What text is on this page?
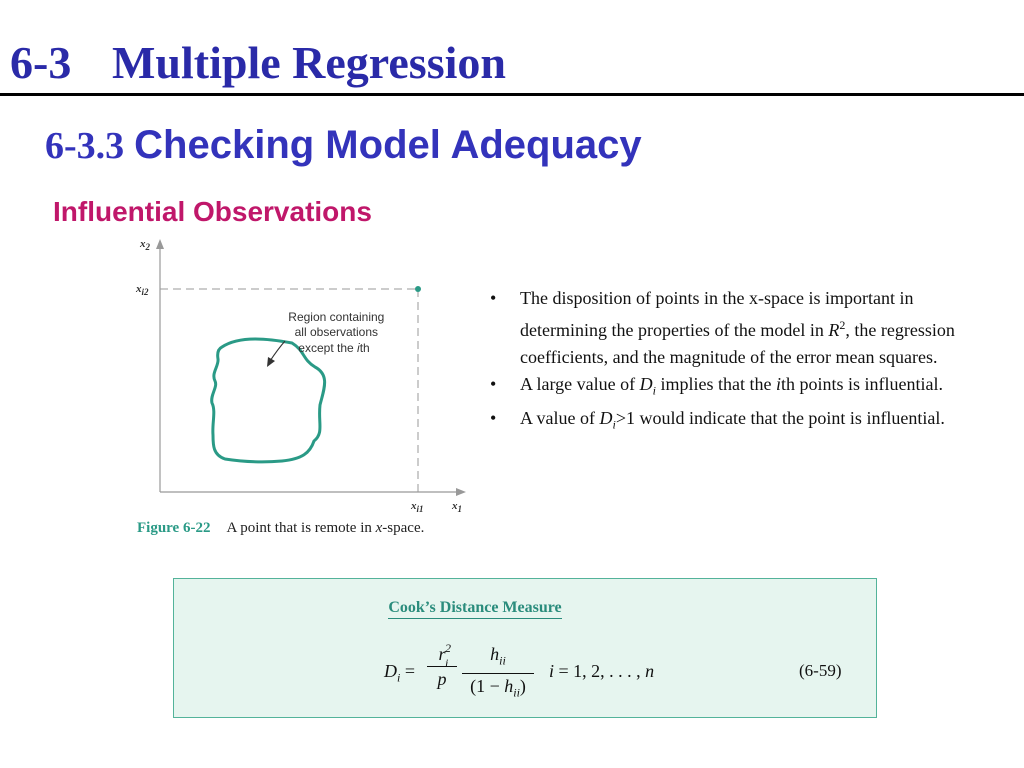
6-3 Multiple Regression
6-3.3 Checking Model Adequacy
Influential Observations
$x_2$
$x_{i2}$
$x_{i1}$	$x_1$
Region containing all observations except the ith
Figure 6-22 A point that is remote in x-space.
• The disposition of points in the x-space is important in determining the properties of the model in $R^2$, the regression coefficients, and the magnitude of the error mean squares.
• A large value of $D_i$ implies that the ith points is influential.
• A value of $D_i>1$ would indicate that the point is influential.
Cook’s Distance Measure
$D_i$ =
r 2
i
p
$h_{ii}$
$(1 - h_{ii})$
i = 1, 2, . . . , n	(6-59)
